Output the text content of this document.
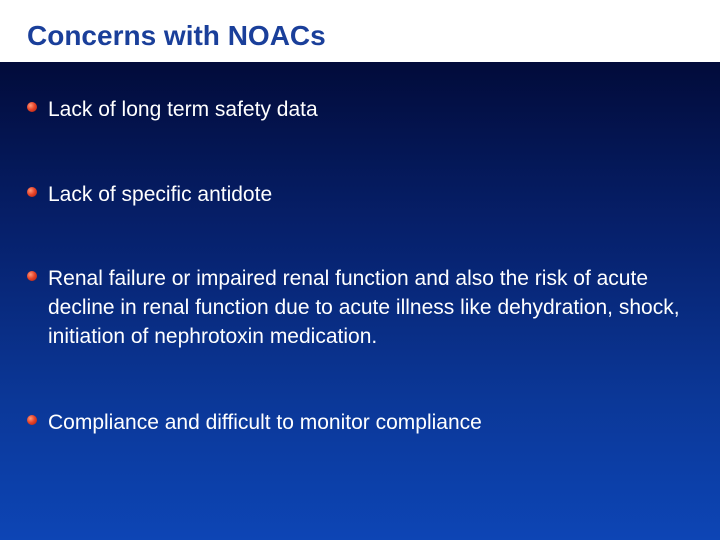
Concerns with NOACs
Lack of long term safety data
Lack of specific antidote
Renal failure or impaired renal function and also the risk of acute decline in renal function due to acute illness like dehydration, shock, initiation of nephrotoxin medication.
Compliance and difficult to monitor compliance
